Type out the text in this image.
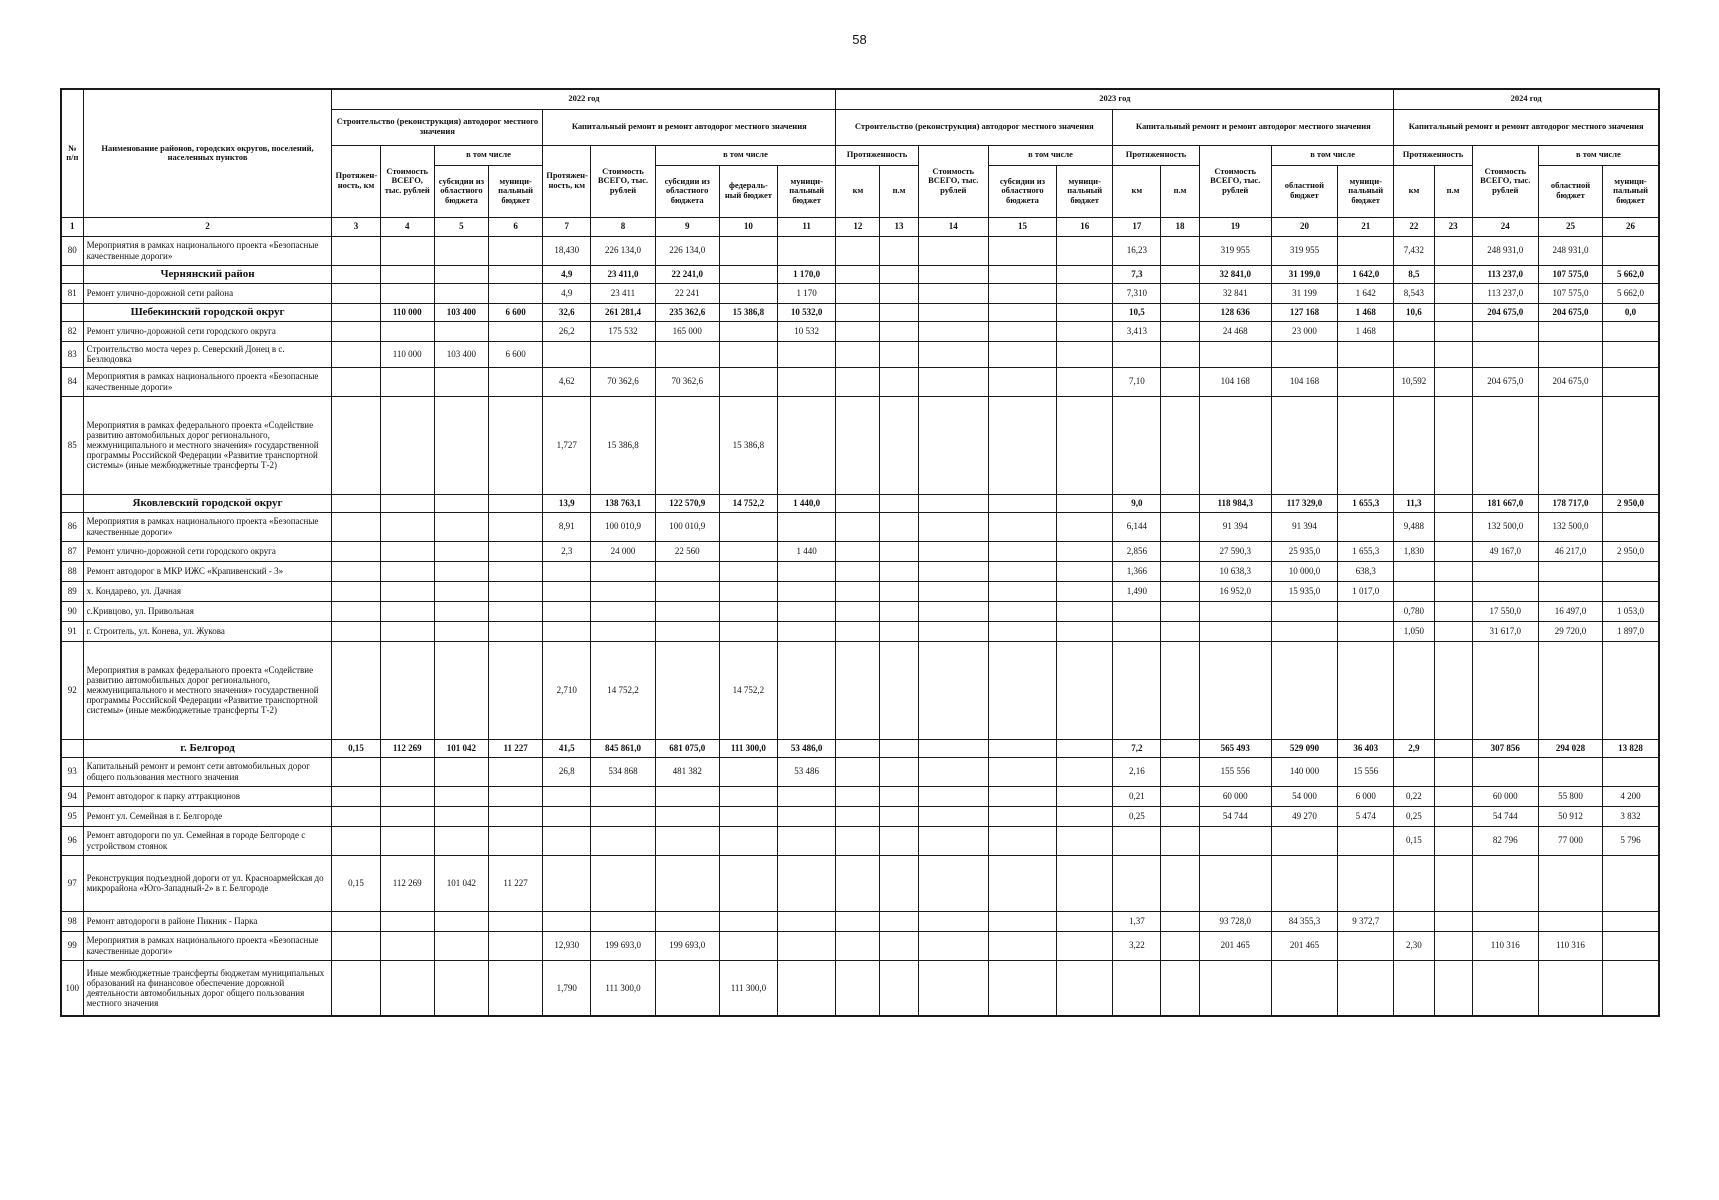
58
№ п/п	Наименование районов, городских округов, поселений, населенных пунктов	2022 год									2023 год										2024 год				
		Строительство (реконструкция) автодорог местного значения				Капитальный ремонт и ремонт автодорог местного значения					Строительство (реконструкция) автодорог местного значения					Капитальный ремонт и ремонт автодорог местного значения					Капитальный ремонт и ремонт автодорог местного значения				
		Протяжен-ность, км	Стоимость ВСЕГО, тыс. рублей	в том числе		Протяжен-ность, км	Стоимость ВСЕГО, тыс. рублей	в том числе			Протяженность		Стоимость ВСЕГО, тыс. рублей	в том числе		Протяженность		Стоимость ВСЕГО, тыс. рублей	в том числе		Протяженность		Стоимость ВСЕГО, тыс. рублей	в том числе	
				субсидии из областного бюджета	муници-пальный бюджет			субсидии из областного бюджета	федераль-ный бюджет	муници-пальный бюджет	км	п.м		субсидии из областного бюджета	муници-пальный бюджет	км	п.м		областной бюджет	муници-пальный бюджет	км	п.м		областной бюджет	муници-пальный бюджет

1	2	3	4	5	6	7	8	9	10	11	12	13	14	15	16	17	18	19	20	21	22	23	24	25	26
80	Мероприятия в рамках национального проекта «Безопасные качественные дороги»					18,430	226 134,0	226 134,0								16,23		319 955	319 955		7,432		248 931,0	248 931,0	
	Чернянский район					4,9	23 411,0	22 241,0		1 170,0						7,3		32 841,0	31 199,0	1 642,0	8,5		113 237,0	107 575,0	5 662,0
81	Ремонт улично-дорожной сети района					4,9	23 411	22 241		1 170						7,310		32 841	31 199	1 642	8,543		113 237,0	107 575,0	5 662,0
	Шебекинский городской округ		110 000	103 400	6 600	32,6	261 281,4	235 362,6	15 386,8	10 532,0						10,5		128 636	127 168	1 468	10,6		204 675,0	204 675,0	0,0
82	Ремонт улично-дорожной сети городского округа					26,2	175 532	165 000		10 532						3,413		24 468	23 000	1 468					
83	Строительство моста через р. Северский Донец в с. Безлюдовка		110 000	103 400	6 600																				
84	Мероприятия в рамках национального проекта «Безопасные качественные дороги»					4,62	70 362,6	70 362,6								7,10		104 168	104 168		10,592		204 675,0	204 675,0	
85	Мероприятия в рамках федерального проекта «Содействие развитию автомобильных дорог регионального, межмуниципального и местного значения» государственной программы Российской Федерации «Развитие транспортной системы» (иные межбюджетные трансферты Т-2)					1,727	15 386,8		15 386,8																
	Яковлевский городской округ					13,9	138 763,1	122 570,9	14 752,2	1 440,0						9,0		118 984,3	117 329,0	1 655,3	11,3		181 667,0	178 717,0	2 950,0
86	Мероприятия в рамках национального проекта «Безопасные качественные дороги»					8,91	100 010,9	100 010,9								6,144		91 394	91 394		9,488		132 500,0	132 500,0	
87	Ремонт улично-дорожной сети городского округа					2,3	24 000	22 560		1 440						2,856		27 590,3	25 935,0	1 655,3	1,830		49 167,0	46 217,0	2 950,0
88	Ремонт автодорог в МКР ИЖС «Крапивенский - 3»															1,366		10 638,3	10 000,0	638,3					
89	х. Кондарево, ул. Дачная															1,490		16 952,0	15 935,0	1 017,0					
90	с.Кривцово, ул. Привольная																				0,780		17 550,0	16 497,0	1 053,0
91	г. Строитель, ул. Конева, ул. Жукова																				1,050		31 617,0	29 720,0	1 897,0
92	Мероприятия в рамках федерального проекта «Содействие развитию автомобильных дорог регионального, межмуниципального и местного значения» государственной программы Российской Федерации «Развитие транспортной системы» (иные межбюджетные трансферты Т-2)					2,710	14 752,2		14 752,2																
	г. Белгород	0,15	112 269	101 042	11 227	41,5	845 861,0	681 075,0	111 300,0	53 486,0						7,2		565 493	529 090	36 403	2,9		307 856	294 028	13 828
93	Капитальный ремонт и ремонт сети автомобильных дорог общего пользования местного значения					26,8	534 868	481 382		53 486						2,16		155 556	140 000	15 556					
94	Ремонт автодорог к парку аттракционов															0,21		60 000	54 000	6 000	0,22		60 000	55 800	4 200
95	Ремонт ул. Семейная в г. Белгороде															0,25		54 744	49 270	5 474	0,25		54 744	50 912	3 832
96	Ремонт автодороги по ул. Семейная в городе Белгороде с устройством стоянок																				0,15		82 796	77 000	5 796
97	Реконструкция подъездной дороги от ул. Красноармейская до микрорайона «Юго-Западный-2» в г. Белгороде	0,15	112 269	101 042	11 227																				
98	Ремонт автодороги в районе Пикник - Парка															1,37		93 728,0	84 355,3	9 372,7					
99	Мероприятия в рамках национального проекта «Безопасные качественные дороги»					12,930	199 693,0	199 693,0								3,22		201 465	201 465		2,30		110 316	110 316	
100	Иные межбюджетные трансферты бюджетам муниципальных образований на финансовое обеспечение дорожной деятельности автомобильных дорог общего пользования местного значения					1,790	111 300,0		111 300,0																
